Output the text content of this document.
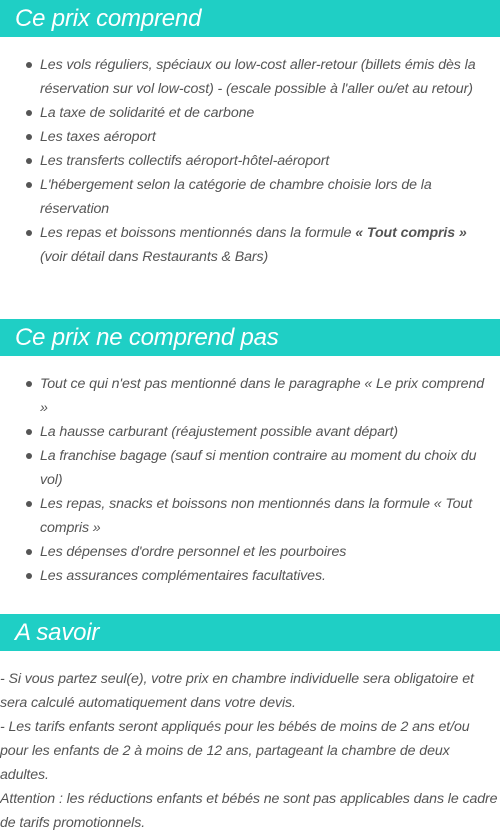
Ce prix comprend
Les vols réguliers, spéciaux ou low-cost aller-retour (billets émis dès la réservation sur vol low-cost) - (escale possible à l'aller ou/et au retour)
La taxe de solidarité et de carbone
Les taxes aéroport
Les transferts collectifs aéroport-hôtel-aéroport
L'hébergement selon la catégorie de chambre choisie lors de la réservation
Les repas et boissons mentionnés dans la formule « Tout compris » (voir détail dans Restaurants & Bars)
Ce prix ne comprend pas
Tout ce qui n'est pas mentionné dans le paragraphe « Le prix comprend »
La hausse carburant (réajustement possible avant départ)
La franchise bagage (sauf si mention contraire au moment du choix du vol)
Les repas, snacks et boissons non mentionnés dans la formule « Tout compris »
Les dépenses d'ordre personnel et les pourboires
Les assurances complémentaires facultatives.
A savoir

- Si vous partez seul(e), votre prix en chambre individuelle sera obligatoire et sera calculé automatiquement dans votre devis.

- Les tarifs enfants seront appliqués pour les bébés de moins de 2 ans et/ou pour les enfants de 2 à moins de 12 ans, partageant la chambre de deux adultes.

Attention : les réductions enfants et bébés ne sont pas applicables dans le cadre de tarifs promotionnels.
